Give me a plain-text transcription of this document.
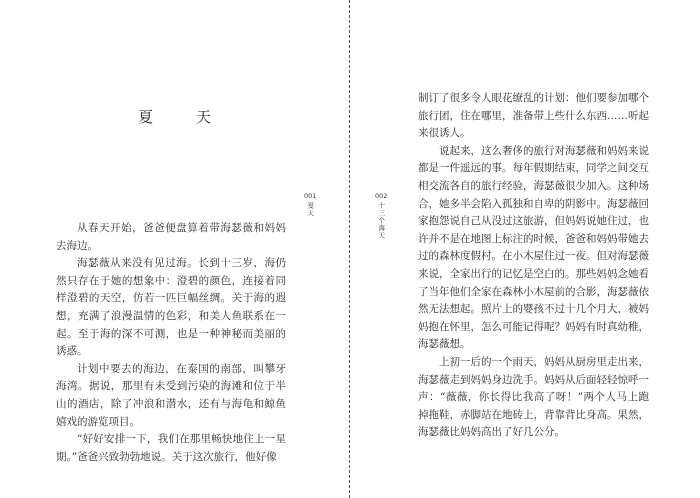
夏　天

从春天开始，爸爸便盘算着带海瑟薇和妈妈去海边。

海瑟薇从来没有见过海。长到十三岁，海仍然只存在于她的想象中：澄碧的颜色，连接着同样澄碧的天空，仿若一匹巨幅丝绸。关于海的遐想，充满了浪漫温情的色彩，和美人鱼联系在一起。至于海的深不可测，也是一种神秘而美丽的诱惑。

计划中要去的海边，在泰国的南部，叫攀牙海湾。据说，那里有未受到污染的海滩和位于半山的酒店，除了冲浪和潜水，还有与海龟和鲸鱼嬉戏的游览项目。

“好好安排一下，我们在那里畅快地住上一星期。”爸爸兴致勃勃地说。关于这次旅行，他好像

001
夏天
002
十三个海天

制订了很多令人眼花缭乱的计划：他们要参加哪个旅行团，住在哪里，准备带上些什么东西……听起来很诱人。

说起来，这么奢侈的旅行对海瑟薇和妈妈来说都是一件遥远的事。每年假期结束，同学之间交互相交流各自的旅行经验，海瑟薇很少加入。这种场合，她多半会陷入孤独和自卑的阴影中。海瑟薇回家抱怨说自己从没过这旅游，但妈妈说她住过，也许并不是在地图上标注的时候，爸爸和妈妈带她去过的森林度假村。在小木屋住过一夜。但对海瑟薇来说，全家出行的记忆是空白的。那些妈妈念她看了当年他们全家在森林小木屋前的合影，海瑟薇依然无法想起。照片上的婴孩不过十几个月大，被妈妈抱在怀里，怎么可能记得呢？妈妈有时真幼稚，海瑟薇想。

上初一后的一个雨天，妈妈从厨房里走出来，海瑟薇走到妈妈身边洗手。妈妈从后面轻轻惊呼一声：“薇薇，你长得比我高了呀！”两个人马上跑掉拖鞋，赤脚站在地砖上，背靠背比身高。果然，海瑟薇比妈妈高出了好几公分。
